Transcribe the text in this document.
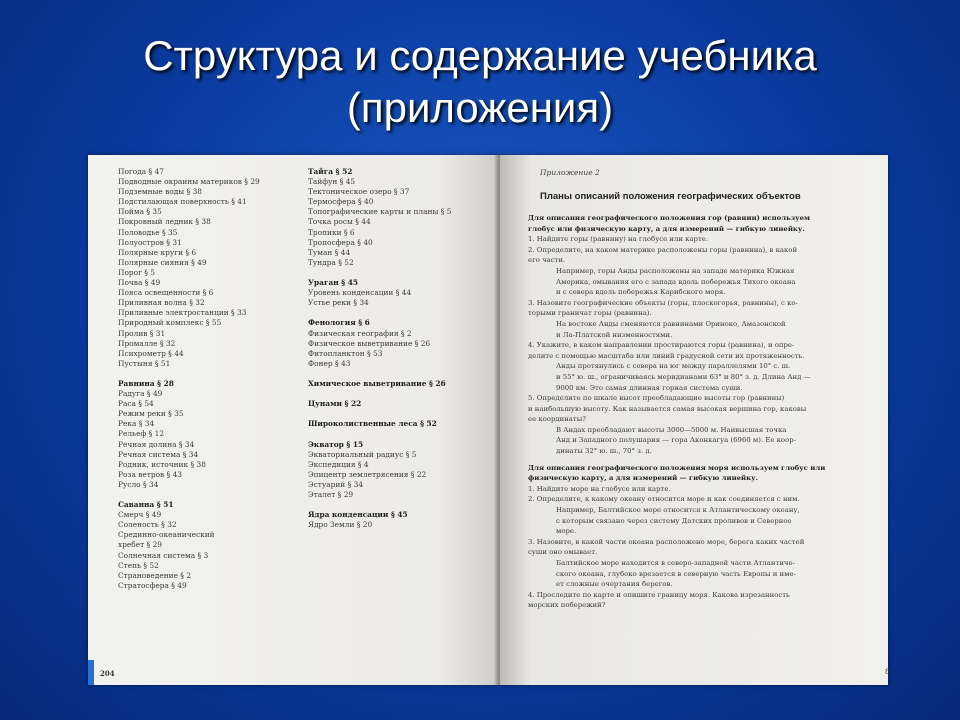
Структура и содержание учебника
(приложения)
Погода § 47
Подводные окраины материков § 29
Подземные воды § 38
Подстилающая поверхность § 41
Пойма § 35
Покровный ледник § 38
Половодье § 35
Полуостров § 31
Полярные круги § 6
Полярные сияния § 49
Порог § 5
Почва § 49
Пояса освещенности § 6
Приливная волна § 32
Приливные электростанции § 33
Природный комплекс § 55
Пролив § 31
Промалле § 32
Психрометр § 44
Пустыня § 51
Равнина § 28
Радуга § 49
Раса § 54
Режим реки § 35
Река § 34
Рельеф § 12
Речная долина § 34
Речная система § 34
Родник, источник § 38
Роза ветров § 43
Русло § 34
Саванна § 51
Смерч § 49
Соленость § 32
Срединно-океанический
хребет § 29
Солнечная система § 3
Степь § 52
Страноведение § 2
Стратосфера § 49
Тайга § 52
Тайфун § 45
Тектоническое озеро § 37
Термосфера § 40
Топографические карты и планы § 5
Точка росы § 44
Тропики § 6
Тропосфера § 40
Туман § 44
Тундра § 52
Ураган § 45
Уровень конденсации § 44
Устье реки § 34
Фенология § 6
Физическая география § 2
Физическое выветривание § 26
Фитопланктон § 53
Фонер § 43
Химическое выветривание § 26
Цунами § 22
Широколиственные леса § 52
Экватор § 15
Экваториальный радиус § 5
Экспедиция § 4
Эпицентр землетрясения § 22
Эстуарий § 34
Эталет § 29
Ядра конденсации § 45
Ядро Земли § 20
204
Приложение 2
Планы описаний положения географических объектов
Для описания географического положения гор (равнин) используем
глобус или физическую карту, а для измерений — гибкую линейку.
1. Найдите горы (равнину) на глобусе или карте.
2. Определите, на каком материке расположены горы (равнина), в какой
его части.
Например, горы Анды расположены на западе материка Южная
Америка, омывания его с запада вдоль побережья Тихого океана
и с севера вдоль побережья Карибского моря.
3. Назовите географические объекты (горы, плоскогорья, равнины), с ко-
торыми граничат горы (равнина).
На востоке Анды сменяются равнинами Ориноко, Амазонской
и Ла-Платской низменностями.
4. Укажите, в каком направлении простираются горы (равнина), и опре-
делите с помощью масштаба или линий градусной сети их протяженность.
Анды протянулись с севера на юг между параллелями 10° с. ш.
и 55° ю. ш., ограничиваясь меридианами 63° и 80° з. д. Длина Анд —
9000 км. Это самая длинная горная система суши.
5. Определите по шкале высот преобладающие высоты гор (равнины)
и наибольшую высоту. Как называется самая высокая вершина гор, каковы
ее координаты?
В Андах преобладают высоты 3000—5000 м. Наивысшая точка
Анд и Западного полушария — гора Аконкагуа (6960 м). Ее коор-
динаты 32° ю. ш., 70° з. д.
Для описания географического положения моря используем глобус или
физическую карту, а для измерений — гибкую линейку.
1. Найдите море на глобусе или карте.
2. Определите, к какому океану относится море и как соединяется с ним.
Например, Балтийское море относится к Атлантическому океану,
с которым связано через систему Датских проливов и Северное
море.
3. Назовите, в какой части океана расположено море, берега каких частей
суши оно омывает.
Балтийское море находится в северо-западной части Атлантиче-
ского океана, глубоко врезается в северную часть Европы и име-
ет сложные очертания берегов.
4. Проследите по карте и опишите границу моря. Какова изрезанность
морских побережий?
8
